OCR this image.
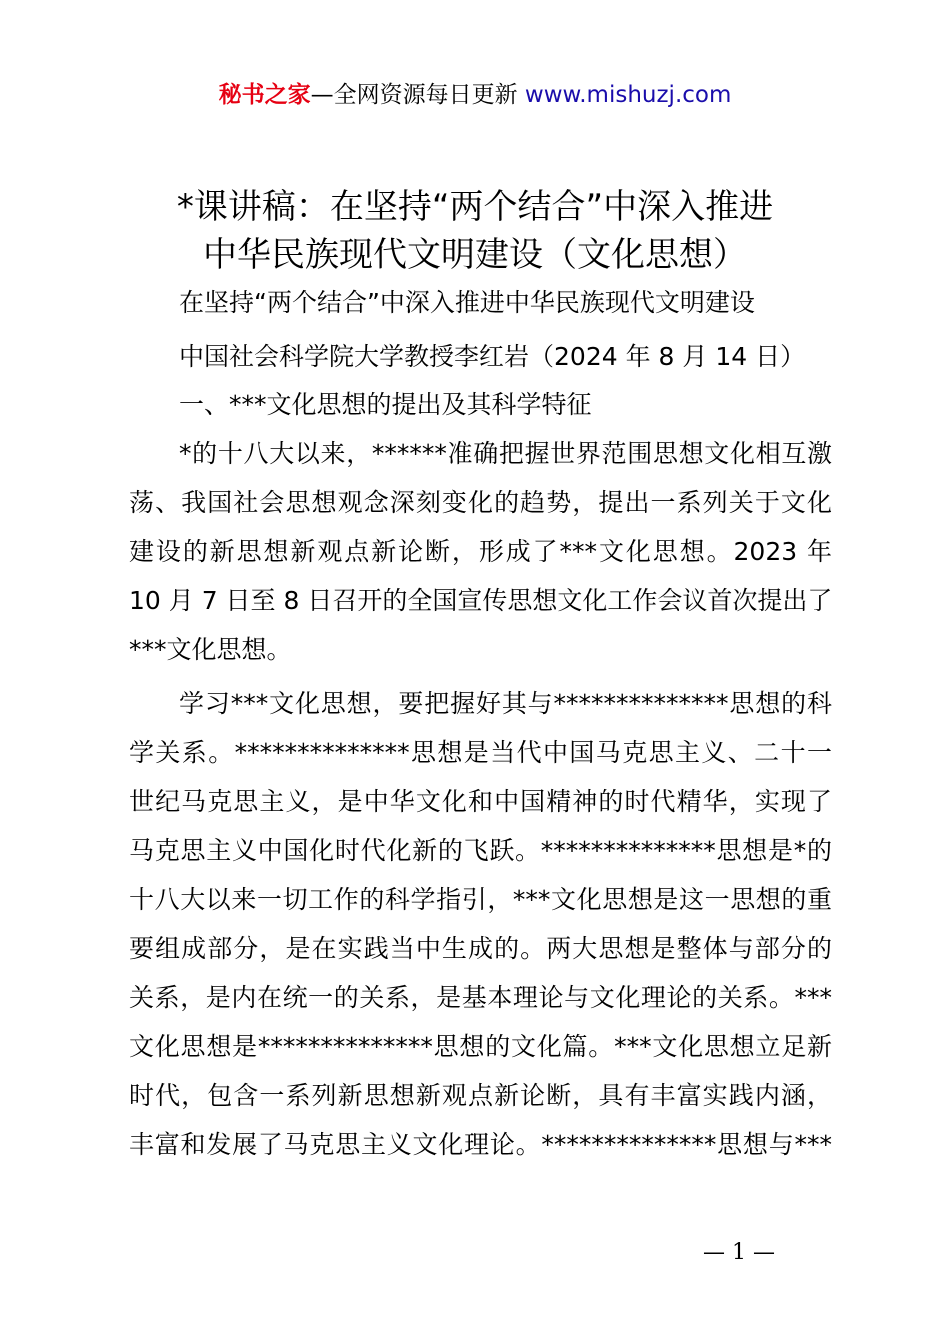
秘书之家—全网资源每日更新 www.mishuzj.com
*课讲稿：在坚持“两个结合”中深入推进
中华民族现代文明建设（文化思想）
在坚持“两个结合”中深入推进中华民族现代文明建设
中国社会科学院大学教授李红岩（2024 年 8 月 14 日）
一、***文化思想的提出及其科学特征
*的十八大以来，******准确把握世界范围思想文化相互激
荡、我国社会思想观念深刻变化的趋势，提出一系列关于文化
建设的新思想新观点新论断，形成了***文化思想。2023 年
10 月 7 日至 8 日召开的全国宣传思想文化工作会议首次提出了
***文化思想。
学习***文化思想，要把握好其与**************思想的科
学关系。**************思想是当代中国马克思主义、二十一
世纪马克思主义，是中华文化和中国精神的时代精华，实现了
马克思主义中国化时代化新的飞跃。**************思想是*的
十八大以来一切工作的科学指引，***文化思想是这一思想的重
要组成部分，是在实践当中生成的。两大思想是整体与部分的
关系，是内在统一的关系，是基本理论与文化理论的关系。***
文化思想是**************思想的文化篇。***文化思想立足新
时代，包含一系列新思想新观点新论断，具有丰富实践内涵，
丰富和发展了马克思主义文化理论。**************思想与***
— 1 —
